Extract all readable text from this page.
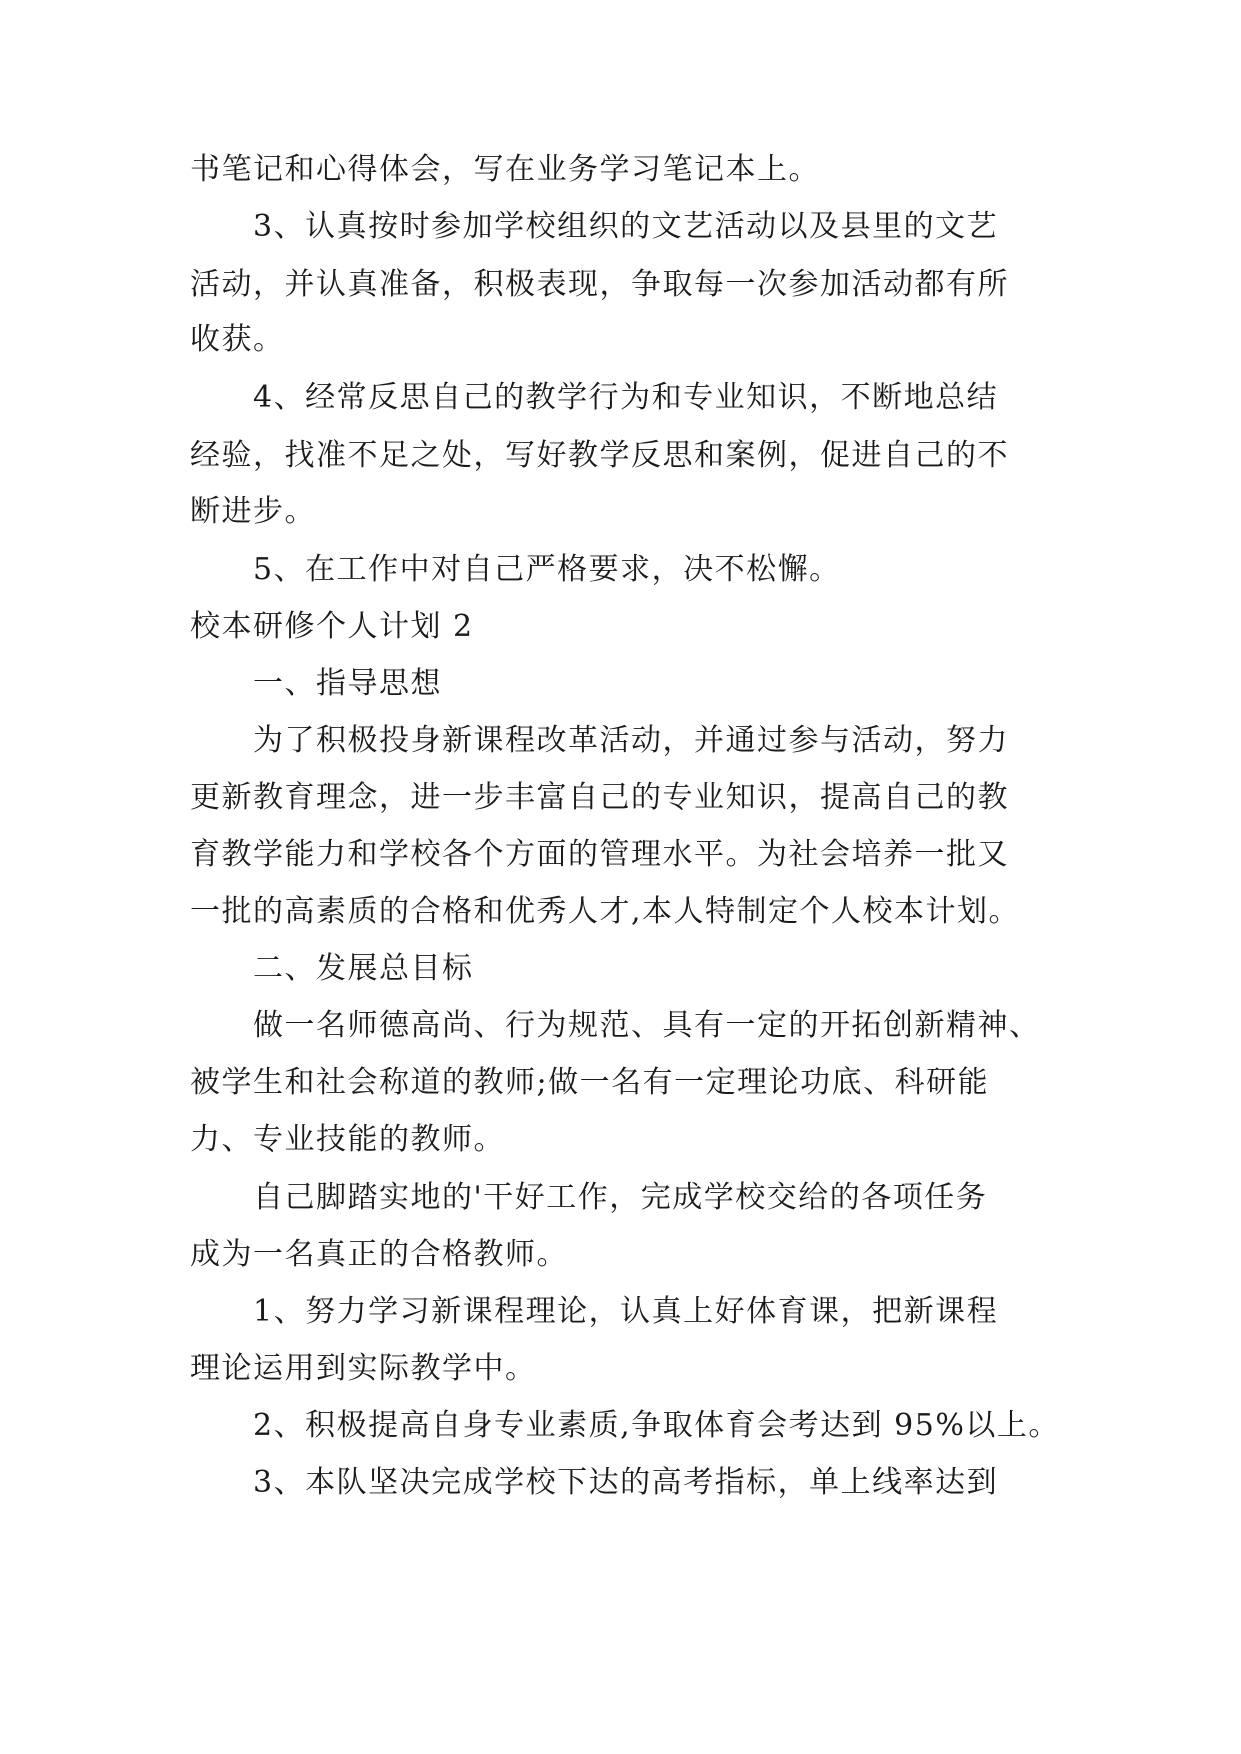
书笔记和心得体会，写在业务学习笔记本上。
3、认真按时参加学校组织的文艺活动以及县里的文艺
活动，并认真准备，积极表现，争取每一次参加活动都有所
收获。
4、经常反思自己的教学行为和专业知识，不断地总结
经验，找准不足之处，写好教学反思和案例，促进自己的不
断进步。
5、在工作中对自己严格要求，决不松懈。
校本研修个人计划 2
一、指导思想
为了积极投身新课程改革活动，并通过参与活动，努力
更新教育理念，进一步丰富自己的专业知识，提高自己的教
育教学能力和学校各个方面的管理水平。为社会培养一批又
一批的高素质的合格和优秀人才,本人特制定个人校本计划。
二、发展总目标
做一名师德高尚、行为规范、具有一定的开拓创新精神、
被学生和社会称道的教师;做一名有一定理论功底、科研能
力、专业技能的教师。
自己脚踏实地的'干好工作，完成学校交给的各项任务
成为一名真正的合格教师。
1、努力学习新课程理论，认真上好体育课，把新课程
理论运用到实际教学中。
2、积极提高自身专业素质,争取体育会考达到 95%以上。
3、本队坚决完成学校下达的高考指标，单上线率达到
